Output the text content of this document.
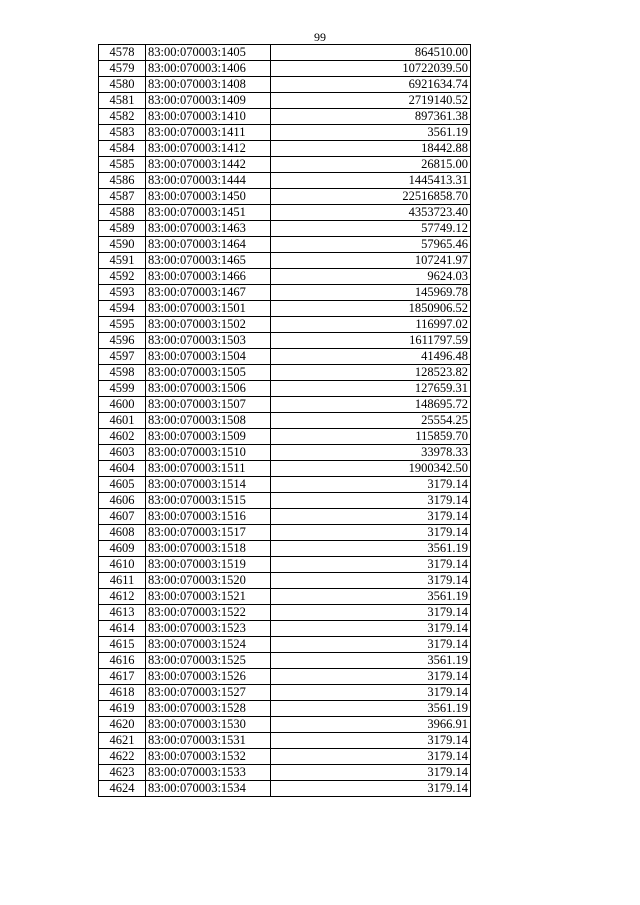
99
4578	83:00:070003:1405	864510.00
4579	83:00:070003:1406	10722039.50
4580	83:00:070003:1408	6921634.74
4581	83:00:070003:1409	2719140.52
4582	83:00:070003:1410	897361.38
4583	83:00:070003:1411	3561.19
4584	83:00:070003:1412	18442.88
4585	83:00:070003:1442	26815.00
4586	83:00:070003:1444	1445413.31
4587	83:00:070003:1450	22516858.70
4588	83:00:070003:1451	4353723.40
4589	83:00:070003:1463	57749.12
4590	83:00:070003:1464	57965.46
4591	83:00:070003:1465	107241.97
4592	83:00:070003:1466	9624.03
4593	83:00:070003:1467	145969.78
4594	83:00:070003:1501	1850906.52
4595	83:00:070003:1502	116997.02
4596	83:00:070003:1503	1611797.59
4597	83:00:070003:1504	41496.48
4598	83:00:070003:1505	128523.82
4599	83:00:070003:1506	127659.31
4600	83:00:070003:1507	148695.72
4601	83:00:070003:1508	25554.25
4602	83:00:070003:1509	115859.70
4603	83:00:070003:1510	33978.33
4604	83:00:070003:1511	1900342.50
4605	83:00:070003:1514	3179.14
4606	83:00:070003:1515	3179.14
4607	83:00:070003:1516	3179.14
4608	83:00:070003:1517	3179.14
4609	83:00:070003:1518	3561.19
4610	83:00:070003:1519	3179.14
4611	83:00:070003:1520	3179.14
4612	83:00:070003:1521	3561.19
4613	83:00:070003:1522	3179.14
4614	83:00:070003:1523	3179.14
4615	83:00:070003:1524	3179.14
4616	83:00:070003:1525	3561.19
4617	83:00:070003:1526	3179.14
4618	83:00:070003:1527	3179.14
4619	83:00:070003:1528	3561.19
4620	83:00:070003:1530	3966.91
4621	83:00:070003:1531	3179.14
4622	83:00:070003:1532	3179.14
4623	83:00:070003:1533	3179.14
4624	83:00:070003:1534	3179.14
